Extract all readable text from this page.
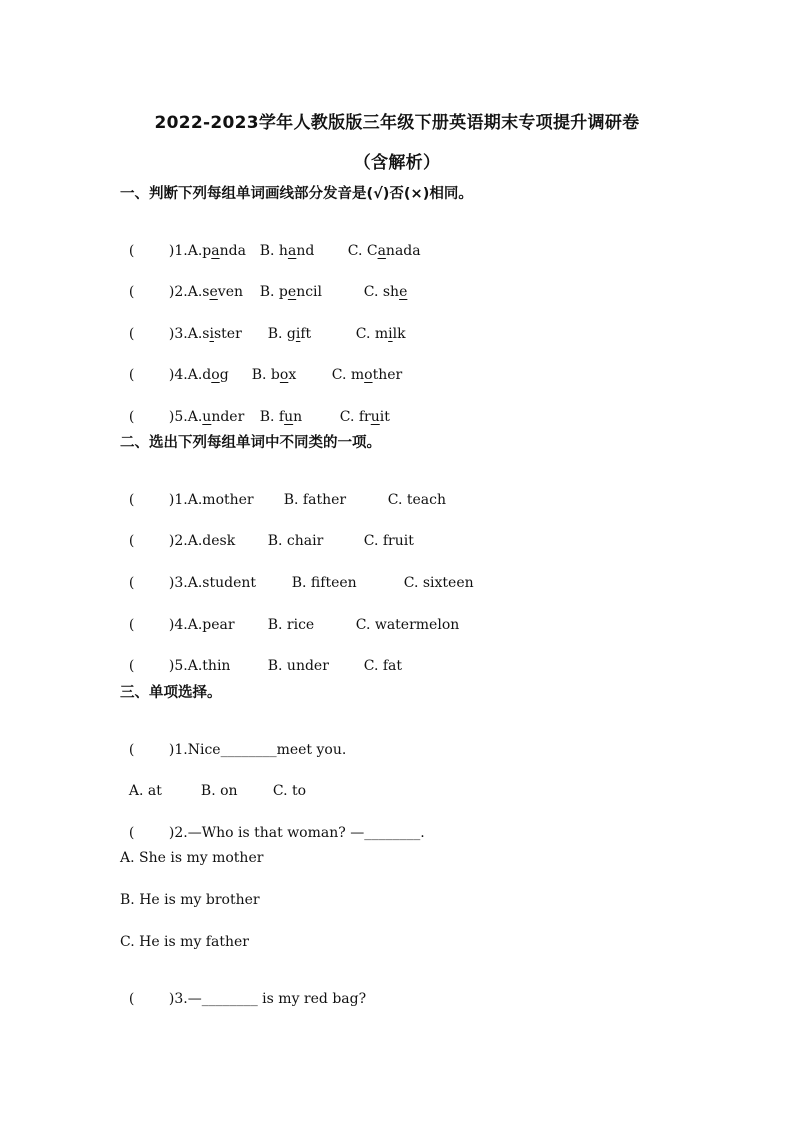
2022-2023学年人教版版三年级下册英语期末专项提升调研卷
（含解析）
一、判断下列每组单词画线部分发音是(√)否(×)相同。

( )1.A.panda B. hand C. Canada

( )2.A.seven B. pencil	C. she

( )3.A.sister B. gift	C. milk

( )4.A.dog B. box	C. mother

( )5.A.under B. fun	C. fruit

二、选出下列每组单词中不同类的一项。

( )1.A.mother B. father	C. teach

( )2.A.desk B. chair	C. fruit

( )3.A.student	B. fifteen	C. sixteen

( )4.A.pear B. rice	C. watermelon

( )5.A.thin	B. under C. fat

三、单项选择。

( )1.Nice________meet you.

A. at	B. on	C. to

( )2.—Who is that woman? —________.

A. She is my mother
B. He is my brother
C. He is my father

( )3.—________ is my red bag?
